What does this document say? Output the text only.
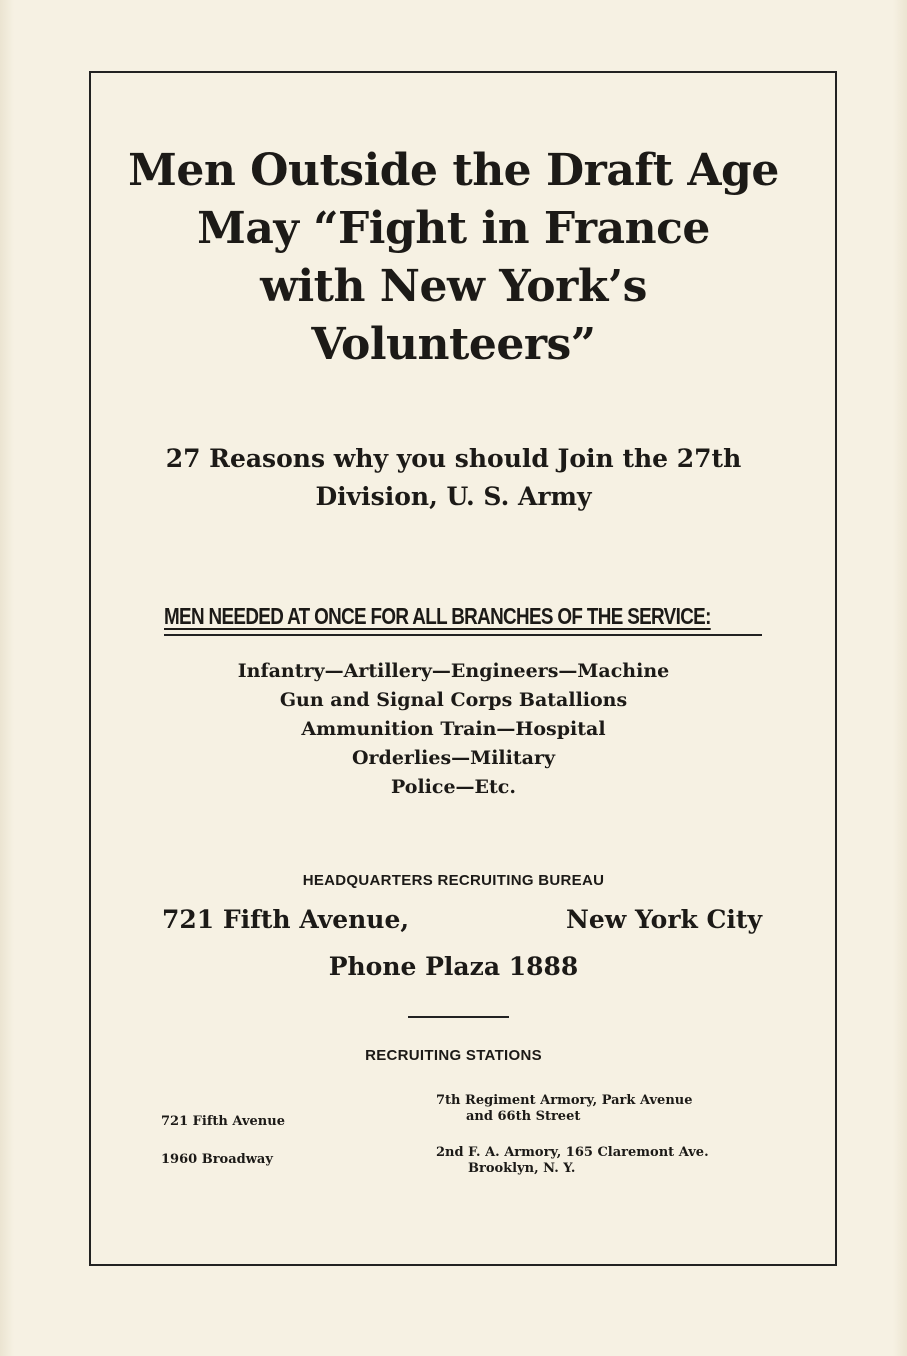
Men Outside the Draft Age
May “Fight in France
with New York’s
Volunteers”
27 Reasons why you should Join the 27th
Division, U. S. Army
MEN NEEDED AT ONCE FOR ALL BRANCHES OF THE SERVICE:
Infantry—Artillery—Engineers—Machine
Gun and Signal Corps Batallions
Ammunition Train—Hospital
Orderlies—Military
Police—Etc.
HEADQUARTERS RECRUITING BUREAU
721 Fifth Avenue,	New York City
Phone Plaza 1888
RECRUITING STATIONS
721 Fifth Avenue
1960 Broadway
7th Regiment Armory, Park Avenue
and 66th Street
2nd F. A. Armory, 165 Claremont Ave.
Brooklyn, N. Y.
